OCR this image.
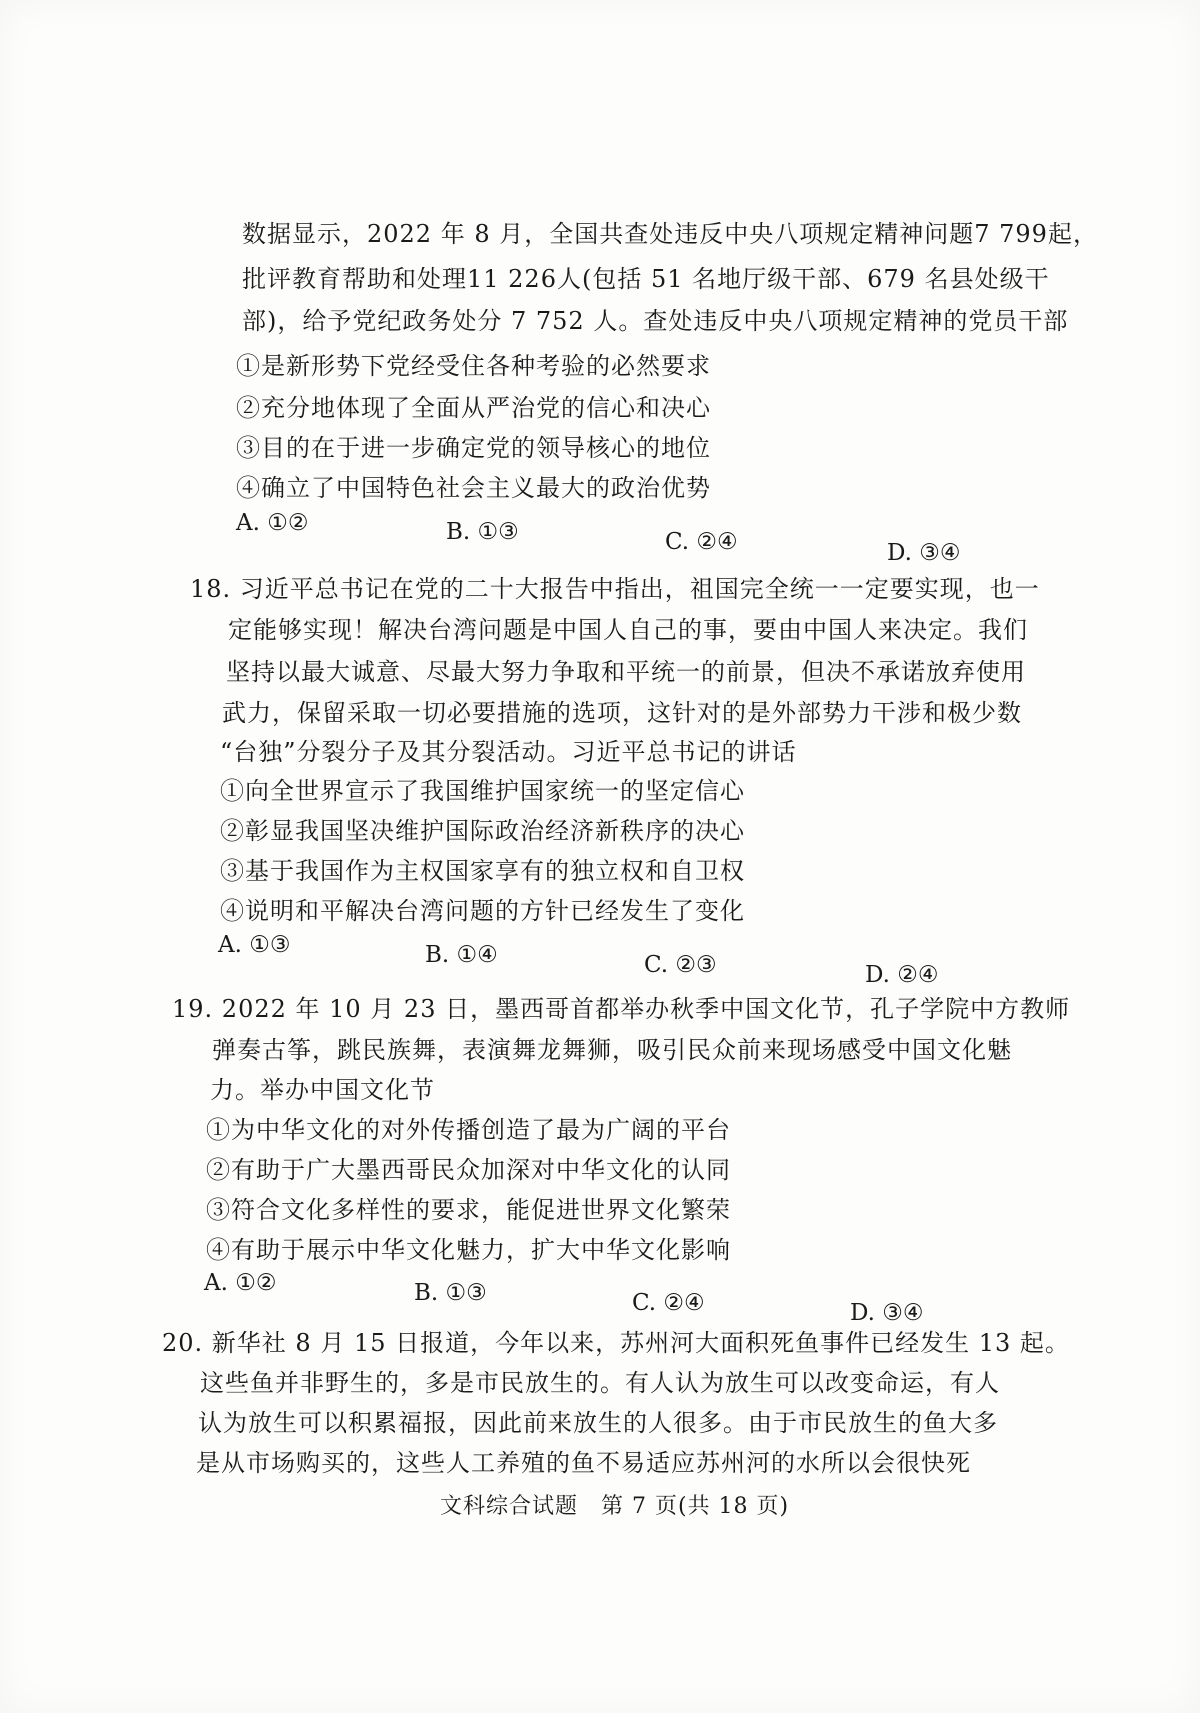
数据显示，2022 年 8 月，全国共查处违反中央八项规定精神问题7 799起，
批评教育帮助和处理11 226人(包括 51 名地厅级干部、679 名县处级干
部)，给予党纪政务处分 7 752 人。查处违反中央八项规定精神的党员干部
①是新形势下党经受住各种考验的必然要求
②充分地体现了全面从严治党的信心和决心
③目的在于进一步确定党的领导核心的地位
④确立了中国特色社会主义最大的政治优势
A. ①②	B. ①③	C. ②④	D. ③④
18. 习近平总书记在党的二十大报告中指出，祖国完全统一一定要实现，也一
定能够实现！解决台湾问题是中国人自己的事，要由中国人来决定。我们
坚持以最大诚意、尽最大努力争取和平统一的前景，但决不承诺放弃使用
武力，保留采取一切必要措施的选项，这针对的是外部势力干涉和极少数
“台独”分裂分子及其分裂活动。习近平总书记的讲话
①向全世界宣示了我国维护国家统一的坚定信心
②彰显我国坚决维护国际政治经济新秩序的决心
③基于我国作为主权国家享有的独立权和自卫权
④说明和平解决台湾问题的方针已经发生了变化
A. ①③	B. ①④	C. ②③	D. ②④
19. 2022 年 10 月 23 日，墨西哥首都举办秋季中国文化节，孔子学院中方教师
弹奏古筝，跳民族舞，表演舞龙舞狮，吸引民众前来现场感受中国文化魅
力。举办中国文化节
①为中华文化的对外传播创造了最为广阔的平台
②有助于广大墨西哥民众加深对中华文化的认同
③符合文化多样性的要求，能促进世界文化繁荣
④有助于展示中华文化魅力，扩大中华文化影响
A. ①②	B. ①③	C. ②④	D. ③④
20. 新华社 8 月 15 日报道，今年以来，苏州河大面积死鱼事件已经发生 13 起。
这些鱼并非野生的，多是市民放生的。有人认为放生可以改变命运，有人
认为放生可以积累福报，因此前来放生的人很多。由于市民放生的鱼大多
是从市场购买的，这些人工养殖的鱼不易适应苏州河的水所以会很快死
文科综合试题　第 7 页(共 18 页)
